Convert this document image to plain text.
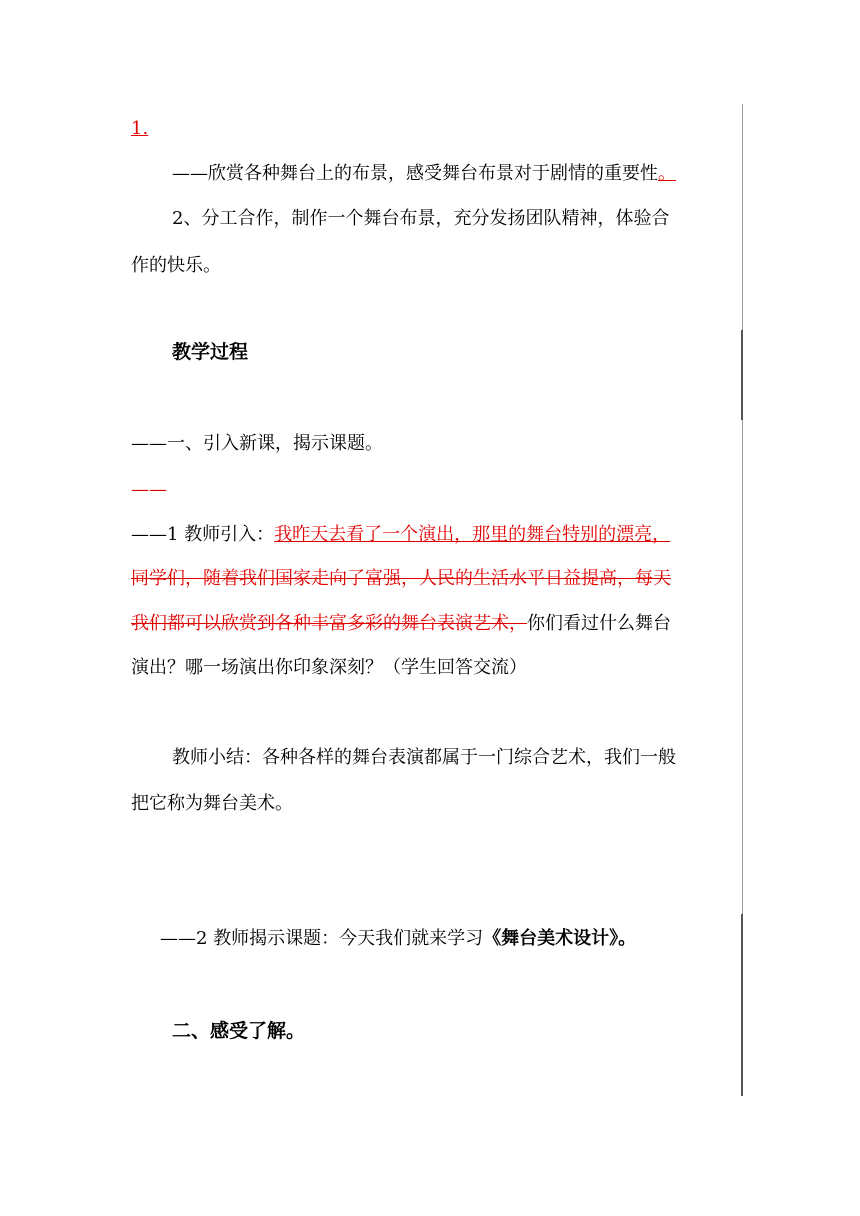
1.
——欣赏各种舞台上的布景，感受舞台布景对于剧情的重要性。
2、分工合作，制作一个舞台布景，充分发扬团队精神，体验合
作的快乐。
教学过程
——一、引入新课，揭示课题。
——
——1 教师引入：我昨天去看了一个演出，那里的舞台特别的漂亮，
同学们，随着我们国家走向了富强，人民的生活水平日益提高，每天
我们都可以欣赏到各种丰富多彩的舞台表演艺术，你们看过什么舞台
演出？哪一场演出你印象深刻？（学生回答交流）
教师小结：各种各样的舞台表演都属于一门综合艺术，我们一般
把它称为舞台美术。
——2 教师揭示课题：今天我们就来学习《舞台美术设计》。
二、感受了解。
